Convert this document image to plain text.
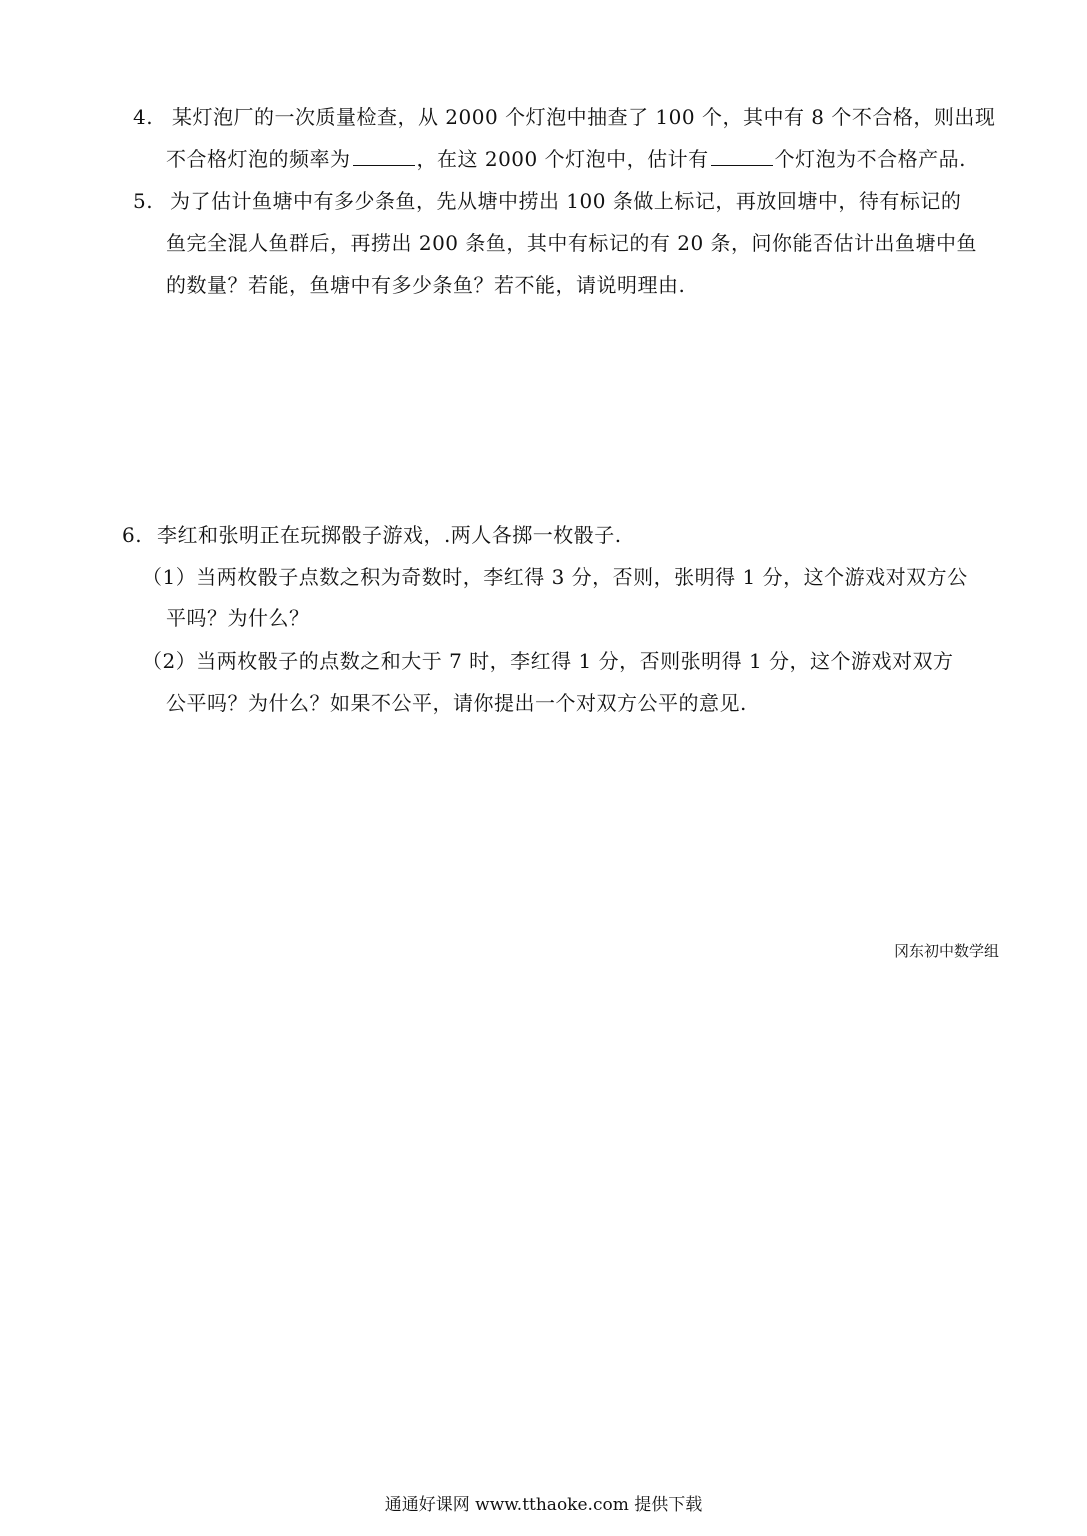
4. 某灯泡厂的一次质量检查，从 2000 个灯泡中抽查了 100 个，其中有 8 个不合格，则出现
不合格灯泡的频率为	，在这 2000 个灯泡中，估计有	个灯泡为不合格产品.
5. 为了估计鱼塘中有多少条鱼，先从塘中捞出 100 条做上标记，再放回塘中，待有标记的
鱼完全混人鱼群后，再捞出 200 条鱼，其中有标记的有 20 条，问你能否估计出鱼塘中鱼
的数量？若能，鱼塘中有多少条鱼？若不能，请说明理由.
6. 李红和张明正在玩掷骰子游戏，.两人各掷一枚骰子.
（1）当两枚骰子点数之积为奇数时，李红得 3 分，否则，张明得 1 分，这个游戏对双方公
平吗？为什么？
（2）当两枚骰子的点数之和大于 7 时，李红得 1 分，否则张明得 1 分，这个游戏对双方
公平吗？为什么？如果不公平，请你提出一个对双方公平的意见.
冈东初中数学组
通通好课网 www.tthaoke.com 提供下载
